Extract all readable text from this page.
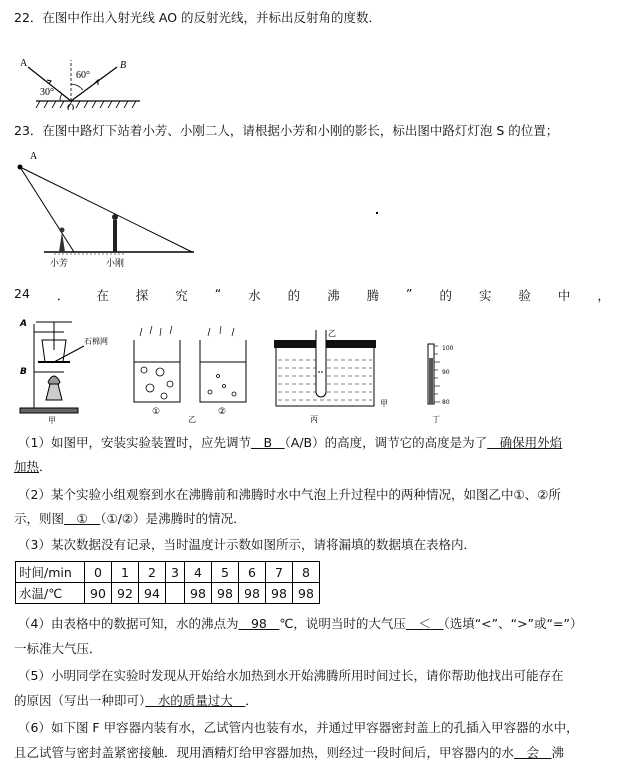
22．在图中作出入射光线 AO 的反射光线，并标出反射角的度数．
A	B
60°
30°
O
23．在图中路灯下站着小芳、小刚二人，请根据小芳和小刚的影长，标出图中路灯灯泡 S 的位置；
A
小芳	小刚
24 ． 在 探 究 “ 水 的 沸 腾 ” 的 实 验 中 ，
A
B
石棉网
甲
①	②
乙
乙
丙
甲
100
90
80
丁
（1）如图甲，安装实验装置时，应先调节　B　（A/B）的高度，调节它的高度是为了　确保用外焰
加热．
（2）某个实验小组观察到水在沸腾前和沸腾时水中气泡上升过程中的两种情况，如图乙中①、②所
示，则图　①　（①/②）是沸腾时的情况．
（3）某次数据没有记录，当时温度计示数如图所示，请将漏填的数据填在表格内．
时间/min	0	1	2	3	4	5	6	7	8
水温/℃	90	92	94		98	98	98	98	98
（4）由表格中的数据可知，水的沸点为　98　℃，说明当时的大气压　＜　（选填“<”、“>”或“=”）
一标准大气压．
（5）小明同学在实验时发现从开始给水加热到水开始沸腾所用时间过长，请你帮助他找出可能存在
的原因（写出一种即可）　水的质量过大　．
（6）如下图 F 甲容器内装有水，乙试管内也装有水，并通过甲容器密封盖上的孔插入甲容器的水中，
且乙试管与密封盖紧密接触．现用酒精灯给甲容器加热，则经过一段时间后，甲容器内的水　会　沸
